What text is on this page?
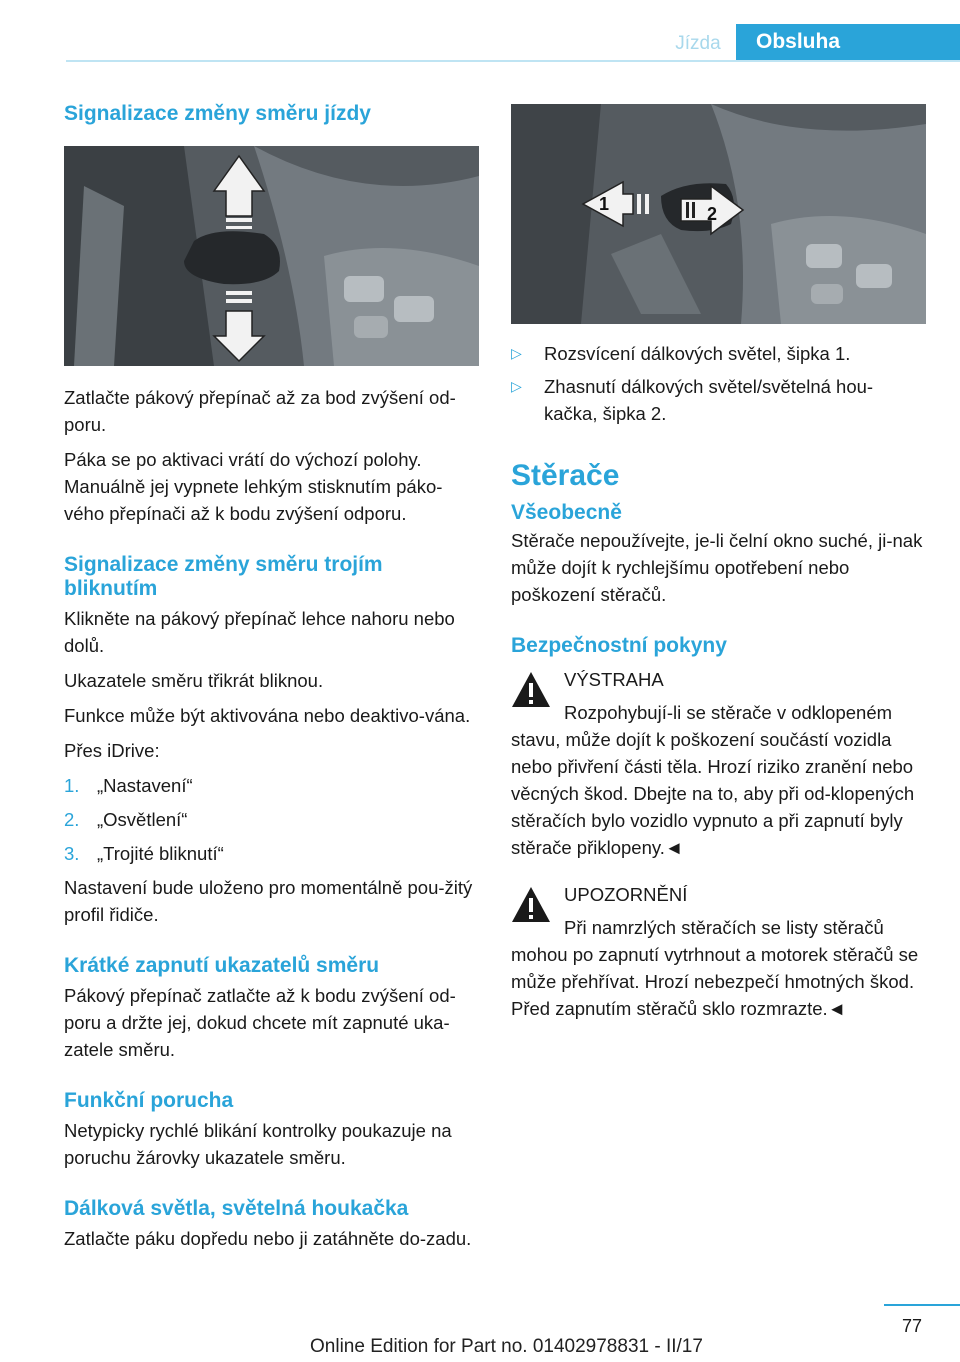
Jízda	Obsluha
Signalizace změny směru jízdy

Zatlačte pákový přepínač až za bod zvýšení od-poru.

Páka se po aktivaci vrátí do výchozí polohy. Manuálně jej vypnete lehkým stisknutím páko-vého přepínači až k bodu zvýšení odporu.

Signalizace změny směru trojím bliknutím

Klikněte na pákový přepínač lehce nahoru nebo dolů.

Ukazatele směru třikrát bliknou.

Funkce může být aktivována nebo deaktivo-vána.

Přes iDrive:

1. „Nastavení“
2. „Osvětlení“
3. „Trojité bliknutí“

Nastavení bude uloženo pro momentálně pou-žitý profil řidiče.

Krátké zapnutí ukazatelů směru

Pákový přepínač zatlačte až k bodu zvýšení od-poru a držte jej, dokud chcete mít zapnuté uka-zatele směru.

Funkční porucha

Netypicky rychlé blikání kontrolky poukazuje na poruchu žárovky ukazatele směru.

Dálková světla, světelná houkačka

Zatlačte páku dopředu nebo ji zatáhněte do-zadu.

1	2
▷	Rozsvícení dálkových světel, šipka 1.
▷	Zhasnutí dálkových světel/světelná hou-kačka, šipka 2.
Stěrače
Všeobecně

Stěrače nepoužívejte, je-li čelní okno suché, ji-nak může dojít k rychlejšímu opotřebení nebo poškození stěračů.

Bezpečnostní pokyny

VÝSTRAHA

Rozpohybují-li se stěrače v odklopeném stavu, může dojít k poškození součástí vozidla nebo přivření části těla. Hrozí riziko zranění nebo věcných škod. Dbejte na to, aby při od-klopených stěračích bylo vozidlo vypnuto a při zapnutí byly stěrače přiklopeny.◄

UPOZORNĚNÍ

Při namrzlých stěračích se listy stěračů mohou po zapnutí vytrhnout a motorek stěračů se může přehřívat. Hrozí nebezpečí hmotných škod. Před zapnutím stěračů sklo rozmrazte.◄

77
Online Edition for Part no. 01402978831 - II/17
